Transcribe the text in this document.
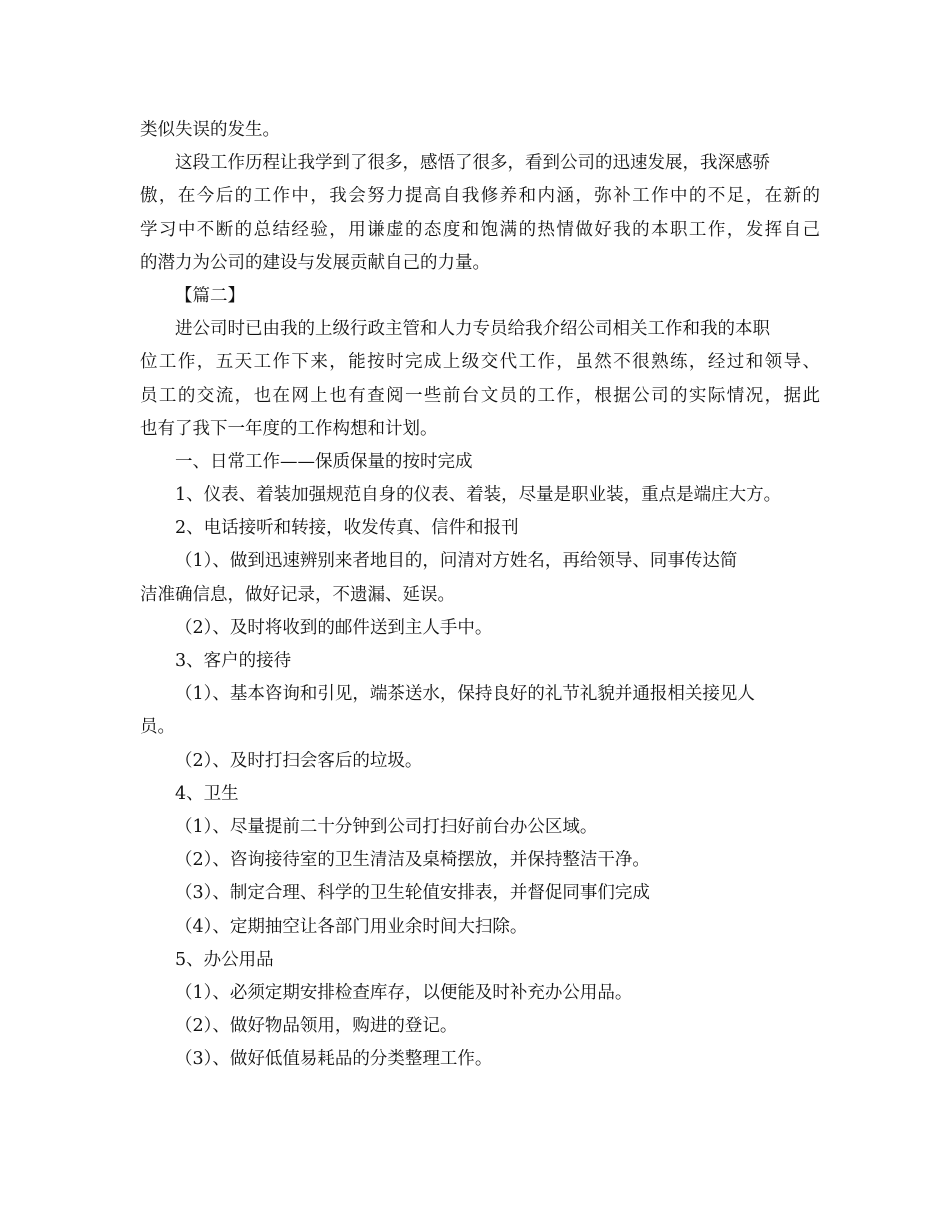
类似失误的发生。
这段工作历程让我学到了很多，感悟了很多，看到公司的迅速发展，我深感骄
傲，在今后的工作中，我会努力提高自我修养和内涵，弥补工作中的不足，在新的
学习中不断的总结经验，用谦虚的态度和饱满的热情做好我的本职工作，发挥自己
的潜力为公司的建设与发展贡献自己的力量。
【篇二】
进公司时已由我的上级行政主管和人力专员给我介绍公司相关工作和我的本职
位工作，五天工作下来，能按时完成上级交代工作，虽然不很熟练，经过和领导、
员工的交流，也在网上也有查阅一些前台文员的工作，根据公司的实际情况，据此
也有了我下一年度的工作构想和计划。
一、日常工作——保质保量的按时完成
1、仪表、着装加强规范自身的仪表、着装，尽量是职业装，重点是端庄大方。
2、电话接听和转接，收发传真、信件和报刊
（1）、做到迅速辨别来者地目的，问清对方姓名，再给领导、同事传达简
洁准确信息，做好记录，不遗漏、延误。
（2）、及时将收到的邮件送到主人手中。
3、客户的接待
（1）、基本咨询和引见，端茶送水，保持良好的礼节礼貌并通报相关接见人
员。
（2）、及时打扫会客后的垃圾。
4、卫生
（1）、尽量提前二十分钟到公司打扫好前台办公区域。
（2）、咨询接待室的卫生清洁及桌椅摆放，并保持整洁干净。
（3）、制定合理、科学的卫生轮值安排表，并督促同事们完成
（4）、定期抽空让各部门用业余时间大扫除。
5、办公用品
（1）、必须定期安排检查库存，以便能及时补充办公用品。
（2）、做好物品领用，购进的登记。
（3）、做好低值易耗品的分类整理工作。
